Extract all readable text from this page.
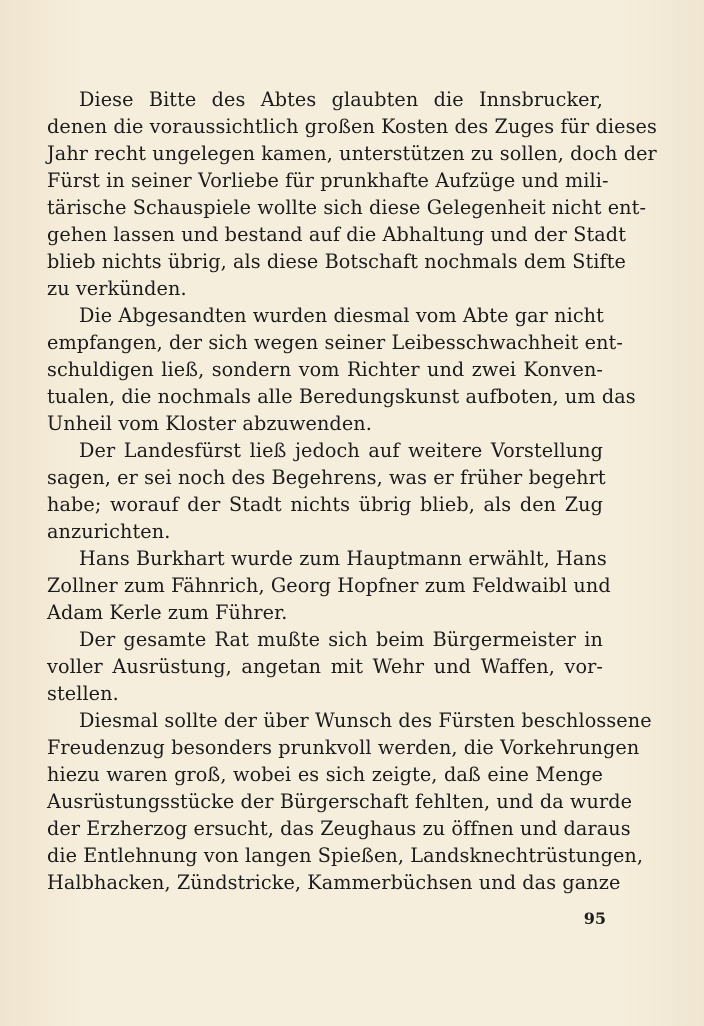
Diese Bitte des Abtes glaubten die Innsbrucker,
denen die voraussichtlich großen Kosten des Zuges für dieses
Jahr recht ungelegen kamen, unterstützen zu sollen, doch der
Fürst in seiner Vorliebe für prunkhafte Aufzüge und mili-
tärische Schauspiele wollte sich diese Gelegenheit nicht ent-
gehen lassen und bestand auf die Abhaltung und der Stadt
blieb nichts übrig, als diese Botschaft nochmals dem Stifte
zu verkünden.
Die Abgesandten wurden diesmal vom Abte gar nicht
empfangen, der sich wegen seiner Leibesschwachheit ent-
schuldigen ließ, sondern vom Richter und zwei Konven-
tualen, die nochmals alle Beredungskunst aufboten, um das
Unheil vom Kloster abzuwenden.
Der Landesfürst ließ jedoch auf weitere Vorstellung
sagen, er sei noch des Begehrens, was er früher begehrt
habe; worauf der Stadt nichts übrig blieb, als den Zug
anzurichten.
Hans Burkhart wurde zum Hauptmann erwählt, Hans
Zollner zum Fähnrich, Georg Hopfner zum Feldwaibl und
Adam Kerle zum Führer.
Der gesamte Rat mußte sich beim Bürgermeister in
voller Ausrüstung, angetan mit Wehr und Waffen, vor-
stellen.
Diesmal sollte der über Wunsch des Fürsten beschlossene
Freudenzug besonders prunkvoll werden, die Vorkehrungen
hiezu waren groß, wobei es sich zeigte, daß eine Menge
Ausrüstungsstücke der Bürgerschaft fehlten, und da wurde
der Erzherzog ersucht, das Zeughaus zu öffnen und daraus
die Entlehnung von langen Spießen, Landsknechtrüstungen,
Halbhacken, Zündstricke, Kammerbüchsen und das ganze
95
